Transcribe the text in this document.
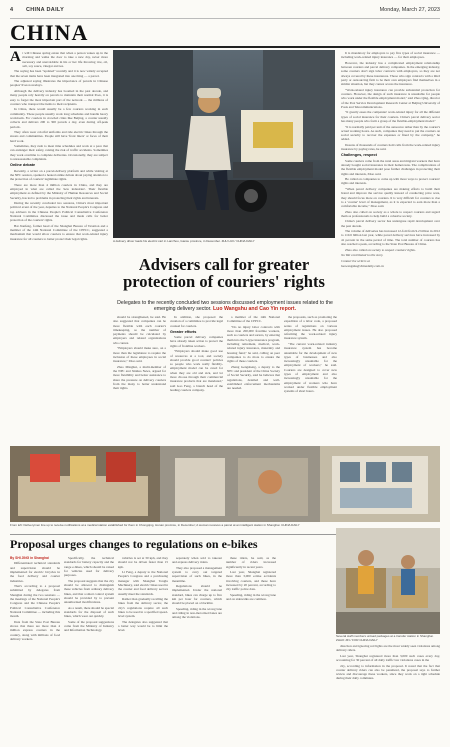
4 CHINA DAILY	Monday, March 27, 2023
CHINA

At will Chinese spring estate that when a person wakes up in the morning and walks the door to take a new day, never more necessary and unavoidable in his or her life throwing rice, oil, salt, soy sauce, vinegar and tea.

The saying has been "updated" recently and it is now widely accepted that the seven items have been integrated into one thing — a parcel.

The adjusted saying illustrates the importance of parcels in Chinese peoples' lives nowadays.

Although the delivery industry has boomed in the past decade, and many people rely heavily on parcels to maintain their normal lives, it is easy to forget the most important part of the network — the millions of couriers who transport the items to their recipients.

In China, there would usually be a few couriers working in each community. These people usually work long schedules and handle heavy workloads. For couriers in crowded cities like Beijing, a courier usually collects and delivers 200 to 300 parcels a day, even during off-peak periods.

They often wear colorful uniforms and ride electric bikes through the streets and communities. People still have 'front liners' or faces of their hard work.

Sometimes, they rush to meet time schedules and work at a pace that can endanger their safety, raising the risk of traffic accidents. Sometimes they work overtime to complete deliveries. Occasionally, they are subject to unreasonable complaints.

Online debate

Recently, a writer on a parcel-delivery platform and while visiting at the NPC session, sparked a heated online debate about paying attention to the protection of couriers' legitimate rights.

There are more than 4 million couriers in China, and they are employed in what are called the 'new industries'. Their flexible employment as defined by the Ministry of Human Resources and Social Security, has led to problems in protecting their rights and interests.

During the recently concluded two sessions, China's most important political event of the year, deputies to the National People's Congress and top advisers in the Chinese People's Political Consultative Conference National Committee discussed the issue and made calls for better protection of the couriers' rights.

Bai Jianfeng, former head of the Shanghai Bureau of Taxation and a member of the 14th National Committee of the CPPCC, suggested a mechanism that would allow couriers to ensure that work-related injury insurance for all couriers to better protect their legal rights.

A delivery driver loads his electric cart in Lanzhou, Gansu province, in December. ZHU HUI / CHINA DAILY

It is mandatory for employers to pay five types of social insurance — including work-related injury insurance — for their employees.

However, the industry has a complicated employment relationship between couriers and parcel delivery companies. In the emerging industry, some couriers don't sign labor contracts with employers, so they are not always covered by these insurances. Those who sign contracts with a third party or outsourcing firm to be their own employers find themselves in a similar situation, but they cannot access the insurance.

"Work-related injury insurance can provide substantial protection for couriers. However, the design of such insurance is unsuitable for people who work under the flexible employment model," said Zhao Qing, director of the Post Service Development Research Center at Beijing University of Posts and Telecommunications.

"It greatly eases the companies' work-related injury for all the different types of social insurance for their couriers. China's parcel delivery sector has many people who form a group of the flexible-employment model."

"It is normally paid per unit of the outsource rather than by the courier's actual working hours. As such, companies may need to put the couriers on social security to recover the expenses or fined by the company," he added.

Dozens of thousands of couriers hold cells from the work-related injury insurance by paying rates, he said.

Challenges, respect

Some couriers come from the rural areas and migrant workers that have already bought social insurance in their hometowns. The complications of the flexible employment model pose further challenges in protecting their rights and interests, Zhao said.

He called on companies to come up with more ways to protect couriers' rights and interests.

"When parcel delivery companies are making efforts to build their brand and improve the service quality instead of conducting price wars, they should focus more on couriers. It is very difficult for couriers to rise to a 'courier' level of management, as it is expected to earn more than a comfortable income," Zhao said.

Zhao also called on society as a whole to respect couriers and regard them as professionals to help build a cohesive society.

China's parcel delivery sector has undergone rapid development over the past decade.

The volume of deliveries has increased 12-fold from 9.2 billion in 2012 to 110.6 billion last year, while parcel delivery services have increased by 41 percent in the same period of time. The total number of couriers has also reached a peak, according to the State Post Bureau of China.

Zhao also called on society to respect couriers' rights.

Xu Wei contributed to this story.

Contact the writers at

luowangshu@chinadaily.com.cn

Advisers call for greater protection of couriers' rights
Delegates to the recently concluded two sessions discussed employment issues related to the emerging delivery sector. Luo Wangshu and Cao Yin report.

should be strengthened, he said. He also suggested that companies can be more flexible with each courier's timekeeping, so the number of payments should be calculated by employers and related organizations who cannot.

"Employers should make sure, on a more than the legislature to require the inclusion of these employees in social insurance," Zhao said.

Zhao Minghui, a multi-member of the NPC and Xinhua News, argued for more flexibility and better assistance to share the pressure on delivery couriers from the many to better understand their rights.

In addition, she proposed the creation of a committee to provide legal counsel for couriers.

Greater efforts

Some parcel delivery companies have already taken action to protect the rights of frontline workers.

"Employers should make good use of resources at a tool, and society should provide good couriers' policies so people who work really flexibly-employment model can be cared for when they are old and sick, and lot more choose through their commercial insurance products that are mandated," said Gao Feng, a branch head of the leading couriers company.

a member of the 14th National Committee of the CPPCC.

"Do no injury labor contracts with more than 200,000 frontline workers, such as couriers and sorters, by entering them into the 5-type insurance program, including retirement, medical, work-related injury insurance, maternity and housing fund," he said, calling on peer companies to do more to ensure the rights of these couriers.

Zhang Gengsheng, a deputy to the NPC and president of the China Society of Social Security, said he believes that regulations, detailed and well-established enforcement mechanisms are needed.

the proposals, such as promoting the expedition of a labor code, a proposed series of regulations on various employment issues. He also proposed reforming the work-related injury insurance system.

"The current work-related industry insurance system has become unsuitable for the development of new types of businesses and also increasingly unsuitable for the employment of workers," he said. Couriers are designed to cover new types of employment and also increasingly unsuitable for the employment of workers who have worked under flexible employment systems of short hours.

From left: Deliverymen line up to receive notifications at a medical station established for them in Chongqing, Hunan province, in December; A woman receives a parcel at an intelligent station in Shanghai. CHINA DAILY
Proposal urges changes to regulations on e-bikes

By SHI JING in Shanghai

Differentiated technical standards and supervision should be implemented for electric bicycles in the food delivery and courier industries.

That's according to a proposal submitted by delegates from Shanghai during the two sessions — the meetings of the National People's Congress and the Chinese People's Political Consultative Conference National Committee — including this month.

Data from the State Post Bureau shows that there are more than 4 million express couriers in the country, along with millions of food delivery workers.

Specifically, the technical standards for battery capacity and the range e-bikes, which should be raised for vehicles used for delivery purposes.

The proposal suggests that the city should be allowed to distinguish these vehicles from ordinary delivery bikes, and that a smart control system should be provided by to prevent unauthorized modifications.

As a result, there should be special standards for the disposal of such bikes, which wear out quickly.

Some of the proposal suggestions come from the Ministry of Industry and Information Technology.

vehicles is set at 30 kph, and they should not be driven faster than 15 kph.

Li Feng, a deputy to the National People's Congress and a purchasing manager with Shanghai Tonglu Machinery, said electric bikes used in the courier and food delivery sectors usually meet the standards.

Rather than gradually recalling the bikes from the delivery sector, the city's regulations require all such bikes to be used in a specified speed-level system.

The delegates also suggested that a better way would be to limit the level.

separately when sold to takeout and express delivery riders.

They also proposed a management system to carry out targeted supervision of such bikes, in the meantime.

Regulations should be implemented. Under the national standard, bikes can charge up to five km per hour for couriers, which should be placed on a blacklist.

Speeding, riding in the wrong lane and riding in non-motorized lanes are among the violations.

these riders, he said, as the number of riders increased significantly in recent years.

Last year, Shanghai registered more than 3,000 e-bike accidents involving couriers, and these have increased by 20 percent, according to city traffic police data.

Speeding, riding in the wrong lane and on sidewalks are common.

direction and ignoring red lights are the most widely seen violations among delivery riders.

Last year, Shanghai registered more than 3,000 such cases every day, accounting for 30 percent of all daily traffic law violations cases in the

city, according to information in the proposal. It noted that the fact that courier delivery riders can also be penalized, the proposal says to further review and discourage these workers, since they work on a tight schedule during their daily commutes.

Several staff members unload packages at a transfer station in Shanghai. ZHAO JIN / FOR CHINA DAILY
